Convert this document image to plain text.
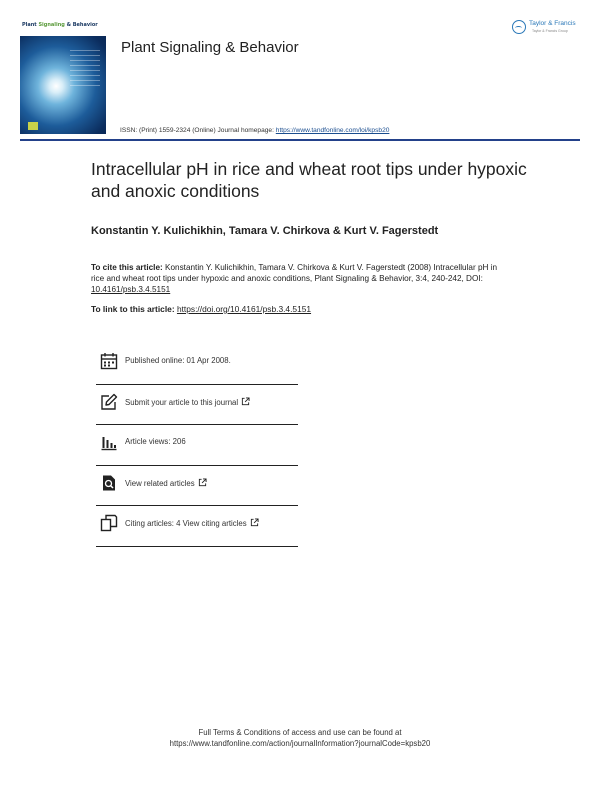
Plant Signaling & Behavior
Plant Signaling & Behavior
ISSN: (Print) 1559-2324 (Online) Journal homepage: https://www.tandfonline.com/loi/kpsb20
Taylor & Francis
Taylor & Francis Group
Intracellular pH in rice and wheat root tips under hypoxic and anoxic conditions
Konstantin Y. Kulichikhin, Tamara V. Chirkova & Kurt V. Fagerstedt
To cite this article: Konstantin Y. Kulichikhin, Tamara V. Chirkova & Kurt V. Fagerstedt (2008) Intracellular pH in rice and wheat root tips under hypoxic and anoxic conditions, Plant Signaling & Behavior, 3:4, 240-242, DOI: 10.4161/psb.3.4.5151
To link to this article: https://doi.org/10.4161/psb.3.4.5151
Published online: 01 Apr 2008.
Submit your article to this journal
Article views: 206
View related articles
Citing articles: 4 View citing articles
Full Terms & Conditions of access and use can be found at
https://www.tandfonline.com/action/journalInformation?journalCode=kpsb20
